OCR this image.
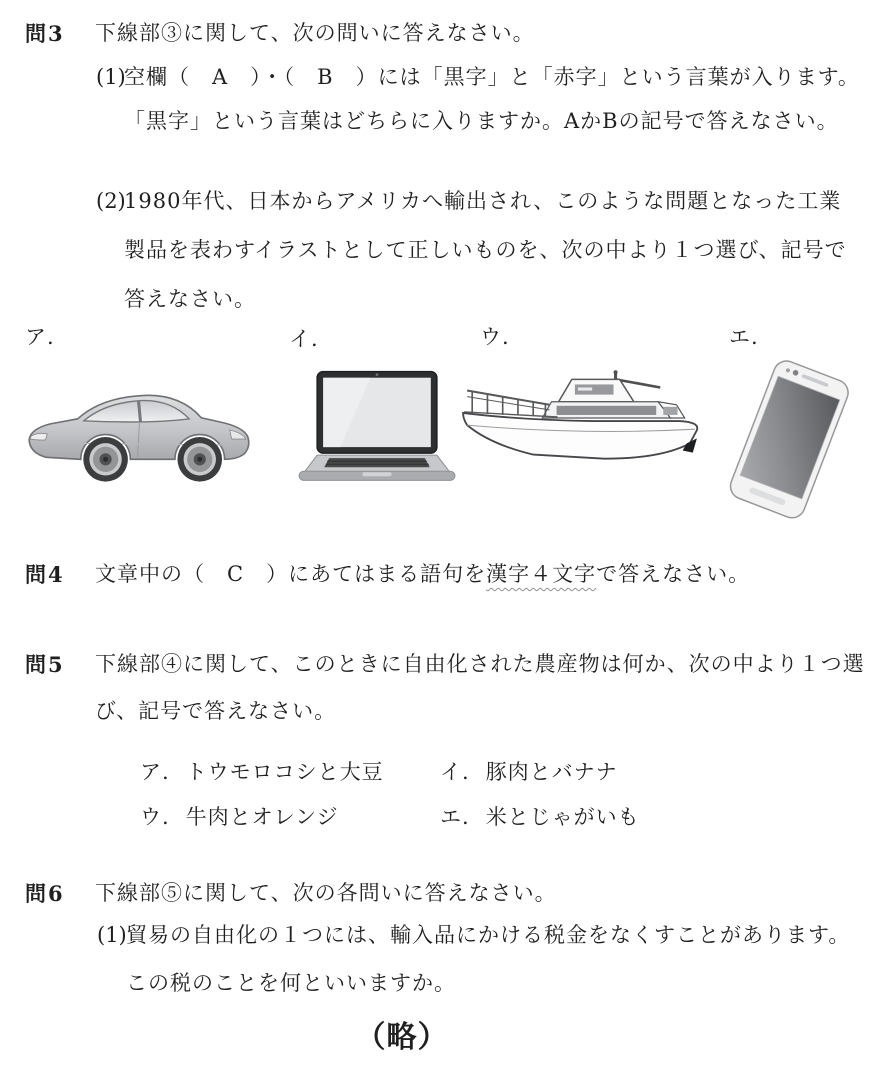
問3 下線部③に関して、次の問いに答えなさい。
(1)
空欄（　A　）・（　B　）には「黒字」と「赤字」という言葉が入ります。
「黒字」という言葉はどちらに入りますか。AかBの記号で答えなさい。
(2)
1980年代、日本からアメリカへ輸出され、このような問題となった工業
製品を表わすイラストとして正しいものを、次の中より１つ選び、記号で
答えなさい。
ア.	イ.	ウ.	エ.
問4 文章中の（　C　）にあてはまる語句を漢字４文字で答えなさい。
問5 下線部④に関して、このときに自由化された農産物は何か、次の中より１つ選
び、記号で答えなさい。
ア. トウモロコシと大豆	イ. 豚肉とバナナ
ウ. 牛肉とオレンジ	エ. 米とじゃがいも
問6 下線部⑤に関して、次の各問いに答えなさい。
(1) 貿易の自由化の１つには、輸入品にかける税金をなくすことがあります。
この税のことを何といいますか。
（略）
